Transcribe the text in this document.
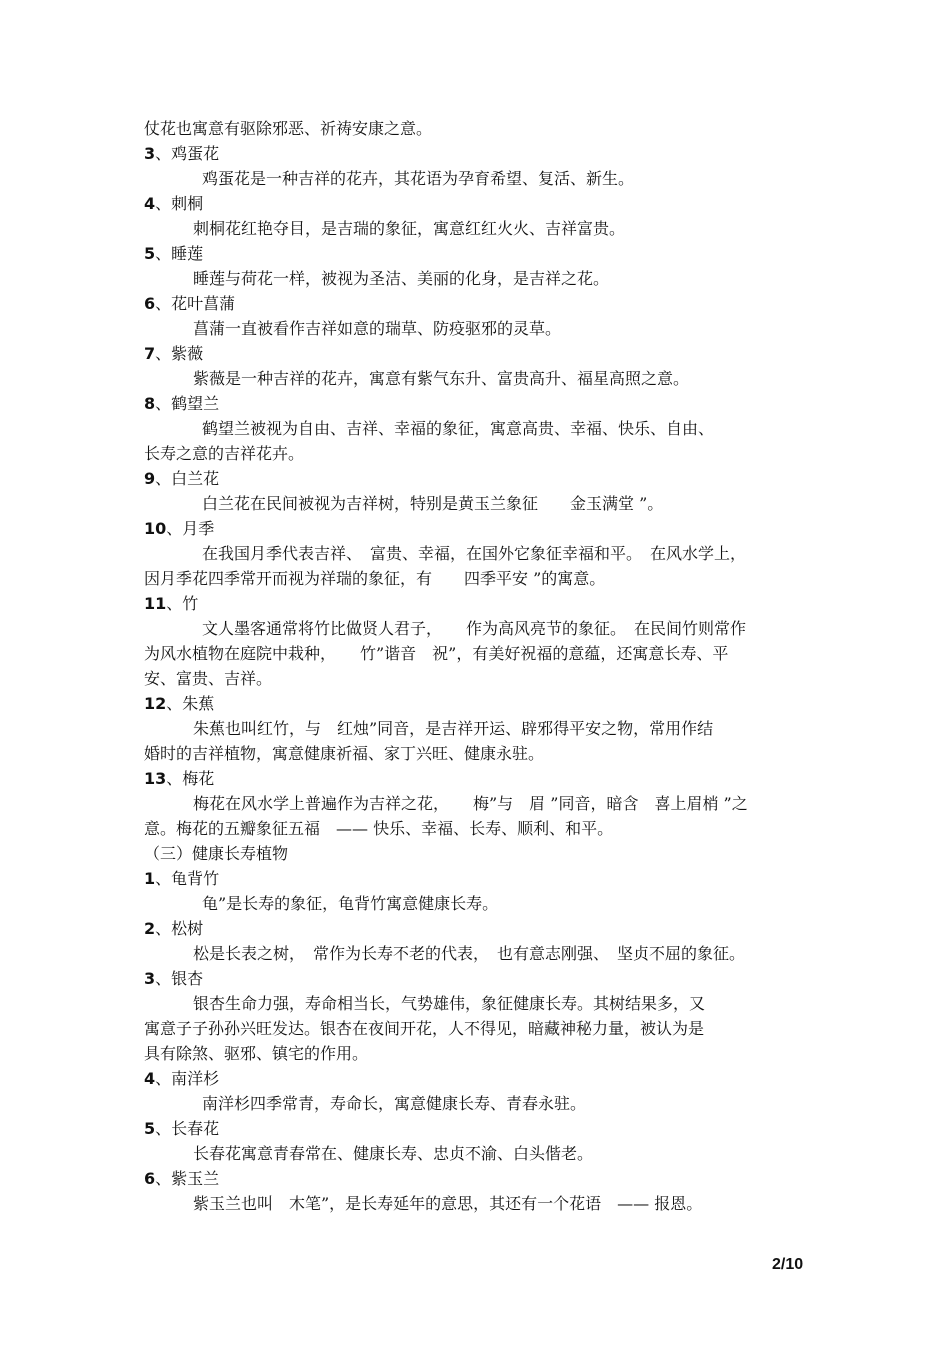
仗花也寓意有驱除邪恶、祈祷安康之意。
3、鸡蛋花
鸡蛋花是一种吉祥的花卉，其花语为孕育希望、复活、新生。
4、刺桐
刺桐花红艳夺目，是吉瑞的象征，寓意红红火火、吉祥富贵。
5、睡莲
睡莲与荷花一样，被视为圣洁、美丽的化身，是吉祥之花。
6、花叶菖蒲
菖蒲一直被看作吉祥如意的瑞草、防疫驱邪的灵草。
7、紫薇
紫薇是一种吉祥的花卉，寓意有紫气东升、富贵高升、福星高照之意。
8、鹤望兰
鹤望兰被视为自由、吉祥、幸福的象征，寓意高贵、幸福、快乐、自由、
长寿之意的吉祥花卉。
9、白兰花
白兰花在民间被视为吉祥树，特别是黄玉兰象征　　金玉满堂 ”。
10、月季
在我国月季代表吉祥、　富贵、幸福，在国外它象征幸福和平。　在风水学上，
因月季花四季常开而视为祥瑞的象征，有　　四季平安 ”的寓意。
11、竹
文人墨客通常将竹比做贤人君子，　　作为高风亮节的象征。　在民间竹则常作
为风水植物在庭院中栽种，　　竹”谐音　祝”，有美好祝福的意蕴，还寓意长寿、平
安、富贵、吉祥。
12、朱蕉
朱蕉也叫红竹，与　红烛”同音，是吉祥开运、辟邪得平安之物，常用作结
婚时的吉祥植物，寓意健康祈福、家丁兴旺、健康永驻。
13、梅花
梅花在风水学上普遍作为吉祥之花，　　梅”与　眉 ”同音，暗含　喜上眉梢 ”之
意。梅花的五瓣象征五福　—— 快乐、幸福、长寿、顺利、和平。
（三）健康长寿植物
1、龟背竹
龟”是长寿的象征，龟背竹寓意健康长寿。
2、松树
松是长表之树，　常作为长寿不老的代表，　也有意志刚强、　坚贞不屈的象征。
3、银杏
银杏生命力强，寿命相当长，气势雄伟，象征健康长寿。其树结果多，又
寓意子子孙孙兴旺发达。银杏在夜间开花，人不得见，暗藏神秘力量，被认为是
具有除煞、驱邪、镇宅的作用。
4、南洋杉
南洋杉四季常青，寿命长，寓意健康长寿、青春永驻。
5、长春花
长春花寓意青春常在、健康长寿、忠贞不渝、白头偕老。
6、紫玉兰
紫玉兰也叫　木笔”，是长寿延年的意思，其还有一个花语　—— 报恩。
2/10
